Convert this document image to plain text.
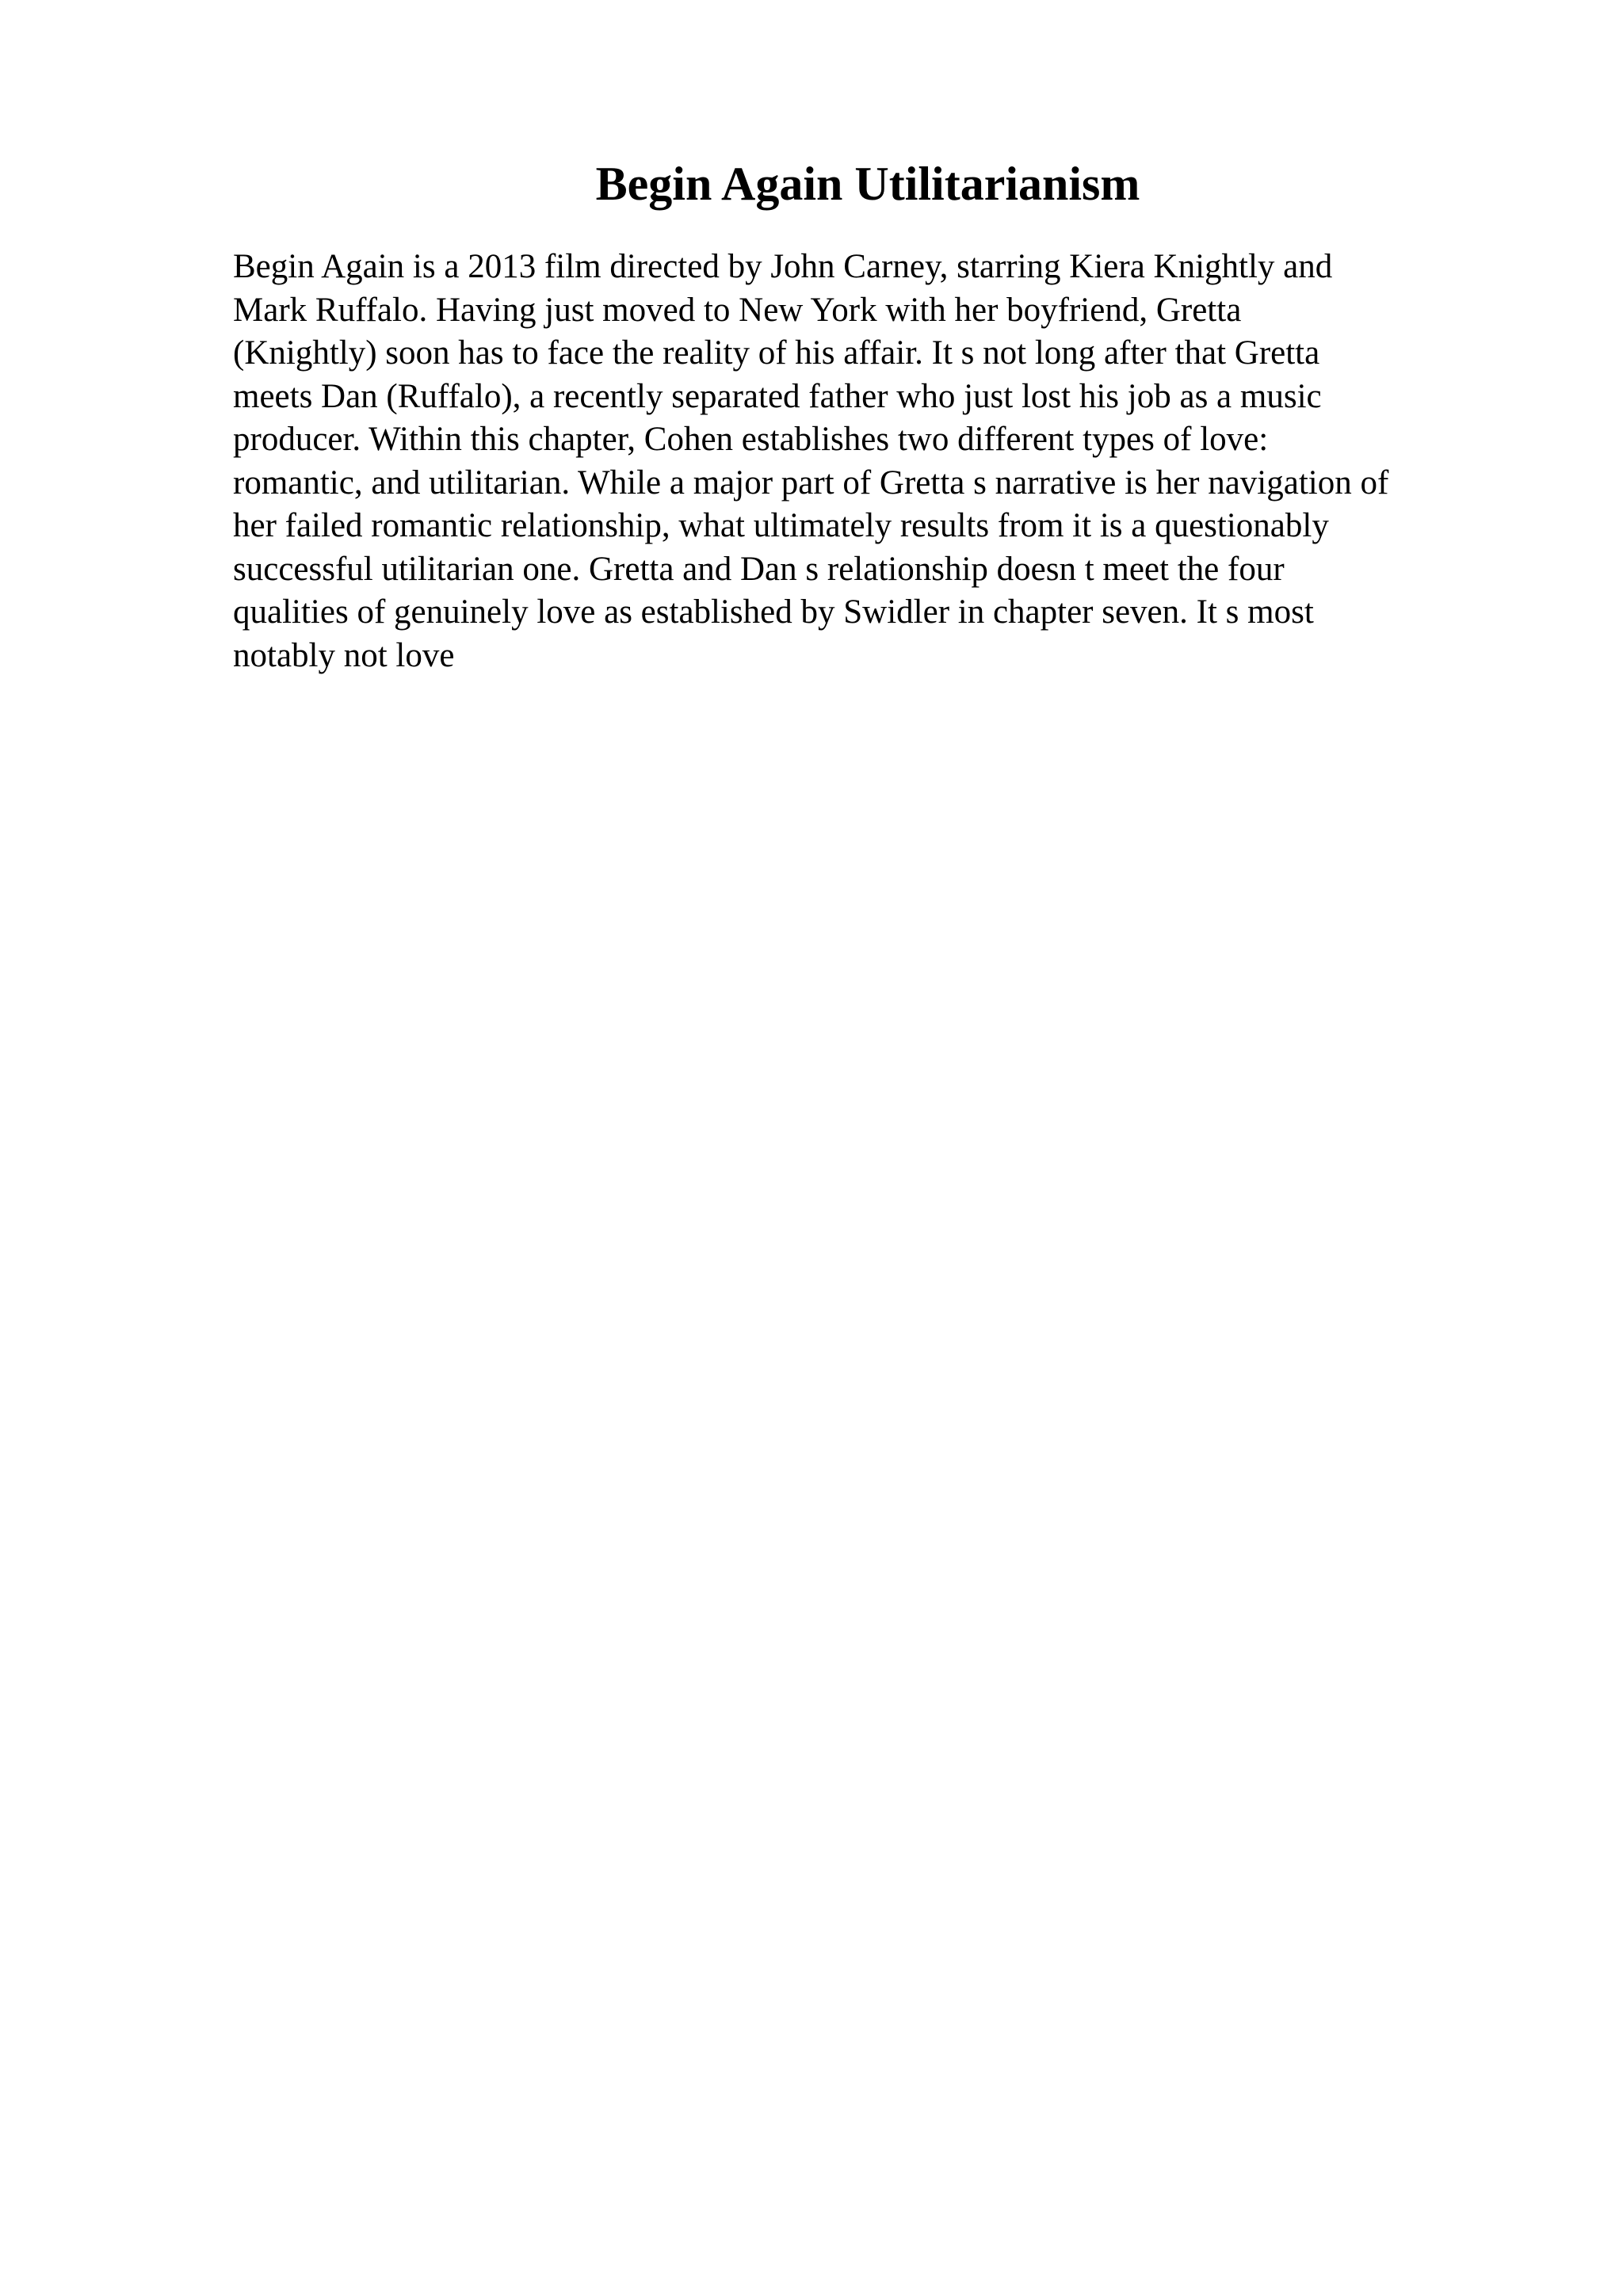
Begin Again Utilitarianism
Begin Again is a 2013 film directed by John Carney, starring Kiera Knightly and
Mark Ruffalo. Having just moved to New York with her boyfriend, Gretta
(Knightly) soon has to face the reality of his affair. It s not long after that Gretta
meets Dan (Ruffalo), a recently separated father who just lost his job as a music
producer. Within this chapter, Cohen establishes two different types of love:
romantic, and utilitarian. While a major part of Gretta s narrative is her navigation of
her failed romantic relationship, what ultimately results from it is a questionably
successful utilitarian one. Gretta and Dan s relationship doesn t meet the four
qualities of genuinely love as established by Swidler in chapter seven. It s most
notably not love
